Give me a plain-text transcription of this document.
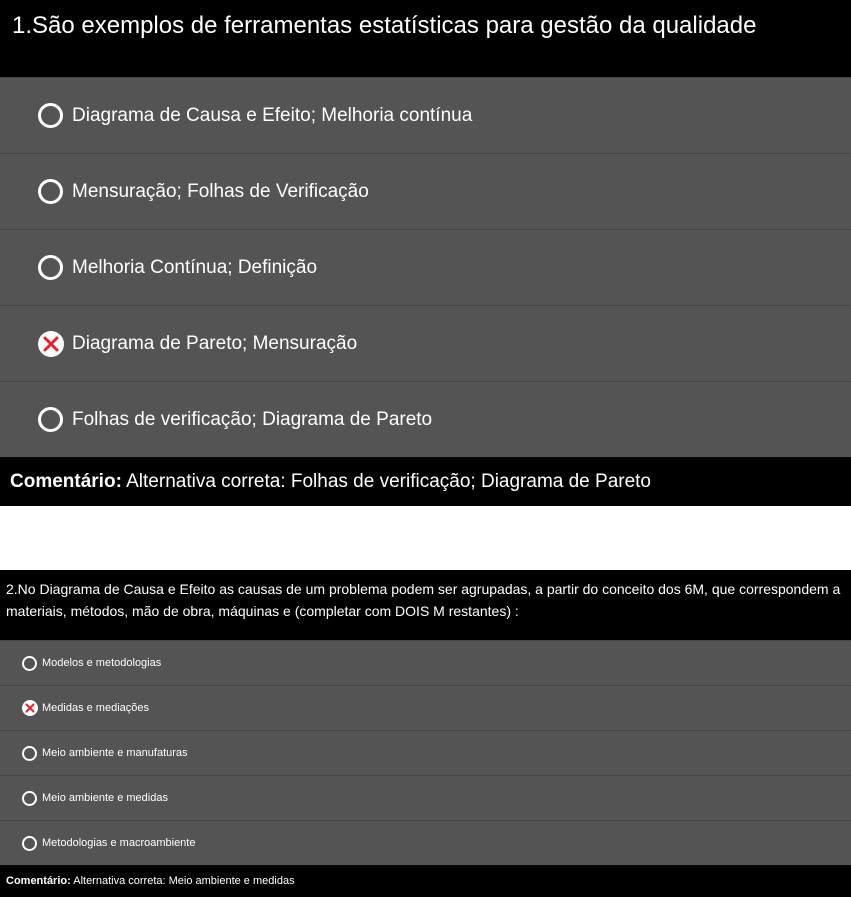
1.São exemplos de ferramentas estatísticas para gestão da qualidade
Diagrama de Causa e Efeito; Melhoria contínua
Mensuração; Folhas de Verificação
Melhoria Contínua; Definição
Diagrama de Pareto; Mensuração
Folhas de verificação; Diagrama de Pareto
Comentário: Alternativa correta: Folhas de verificação; Diagrama de Pareto
2.No Diagrama de Causa e Efeito as causas de um problema podem ser agrupadas, a partir do conceito dos 6M, que correspondem a materiais, métodos, mão de obra, máquinas e (completar com DOIS M restantes) :
Modelos e metodologias
Medidas e mediações
Meio ambiente e manufaturas
Meio ambiente e medidas
Metodologias e macroambiente
Comentário: Alternativa correta: Meio ambiente e medidas
